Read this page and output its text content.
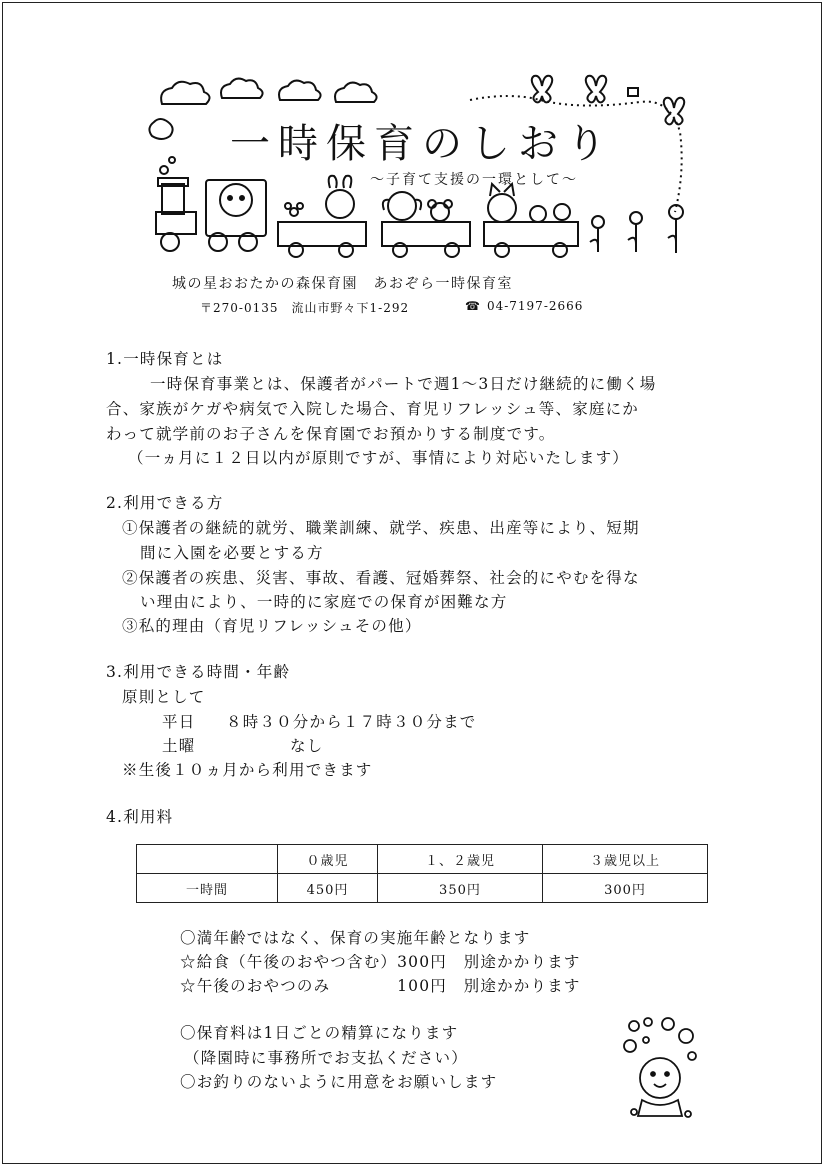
一時保育のしおり
～子育て支援の一環として～
城の星おおたかの森保育園　あおぞら一時保育室
〒270-0135　流山市野々下1-292	☎ 04-7197-2666
1.一時保育とは
一時保育事業とは、保護者がパートで週1～3日だけ継続的に働く場
合、家族がケガや病気で入院した場合、育児リフレッシュ等、家庭にか
わって就学前のお子さんを保育園でお預かりする制度です。
（一ヵ月に１２日以内が原則ですが、事情により対応いたします）
2.利用できる方
①保護者の継続的就労、職業訓練、就学、疾患、出産等により、短期
間に入園を必要とする方
②保護者の疾患、災害、事故、看護、冠婚葬祭、社会的にやむを得な
い理由により、一時的に家庭での保育が困難な方
③私的理由（育児リフレッシュその他）
3.利用できる時間・年齢
原則として
平日 ８時３０分から１７時３０分まで
土曜	なし
※生後１０ヵ月から利用できます
4.利用料
	０歳児	１、２歳児	３歳児以上
一時間	450円	350円	300円
〇満年齢ではなく、保育の実施年齢となります
☆給食（午後のおやつ含む）300円　別途かかります
☆午後のおやつのみ　　　　100円　別途かかります
〇保育料は1日ごとの精算になります
（降園時に事務所でお支払ください）
〇お釣りのないように用意をお願いします
